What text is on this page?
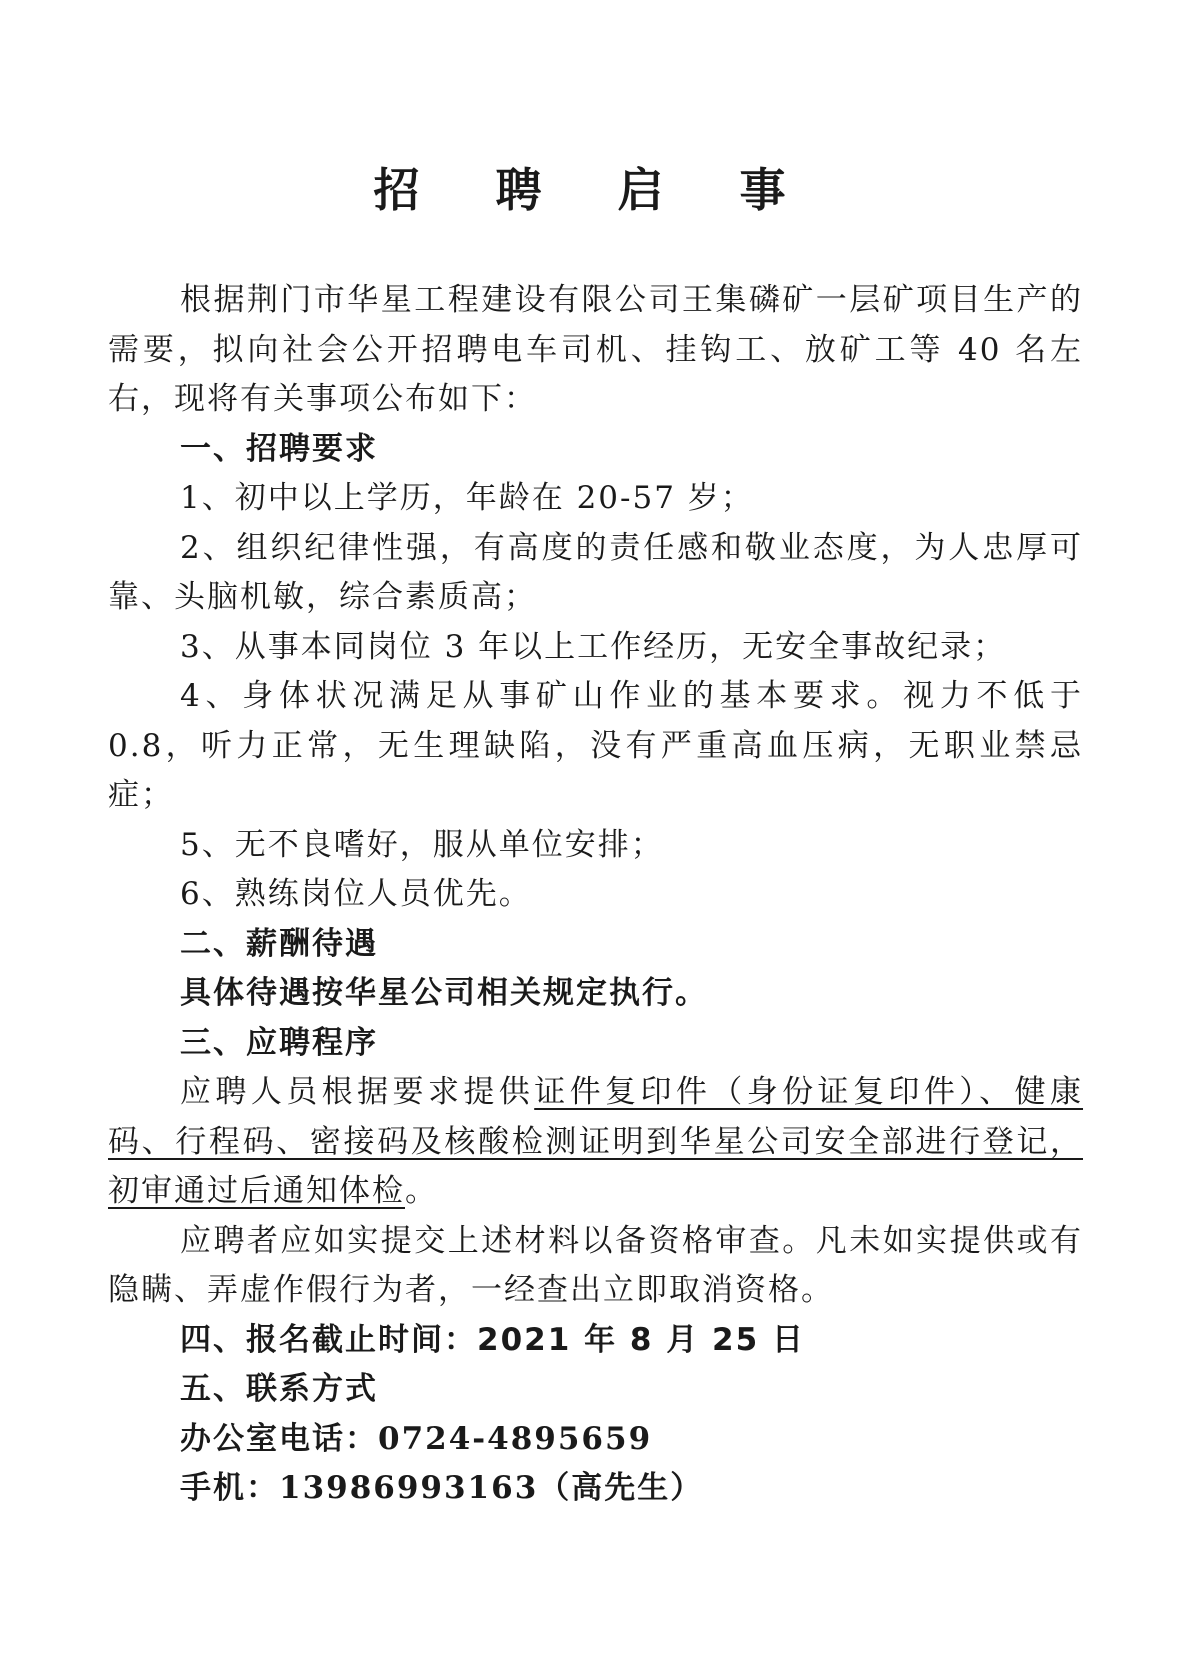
招 聘 启 事

根据荆门市华星工程建设有限公司王集磷矿一层矿项目生产的需要，拟向社会公开招聘电车司机、挂钩工、放矿工等 40 名左右，现将有关事项公布如下：

一、招聘要求

1、初中以上学历，年龄在 20-57 岁；

2、组织纪律性强，有高度的责任感和敬业态度，为人忠厚可靠、头脑机敏，综合素质高；

3、从事本同岗位 3 年以上工作经历，无安全事故纪录；

4、身体状况满足从事矿山作业的基本要求。视力不低于 0.8，听力正常，无生理缺陷，没有严重高血压病，无职业禁忌症；

5、无不良嗜好，服从单位安排；

6、熟练岗位人员优先。

二、薪酬待遇

具体待遇按华星公司相关规定执行。

三、应聘程序

应聘人员根据要求提供证件复印件（身份证复印件）、健康码、行程码、密接码及核酸检测证明到华星公司安全部进行登记，初审通过后通知体检。

应聘者应如实提交上述材料以备资格审查。凡未如实提供或有隐瞒、弄虚作假行为者，一经查出立即取消资格。

四、报名截止时间：2021 年 8 月 25 日

五、联系方式

办公室电话：0724-4895659

手机：13986993163（高先生）
